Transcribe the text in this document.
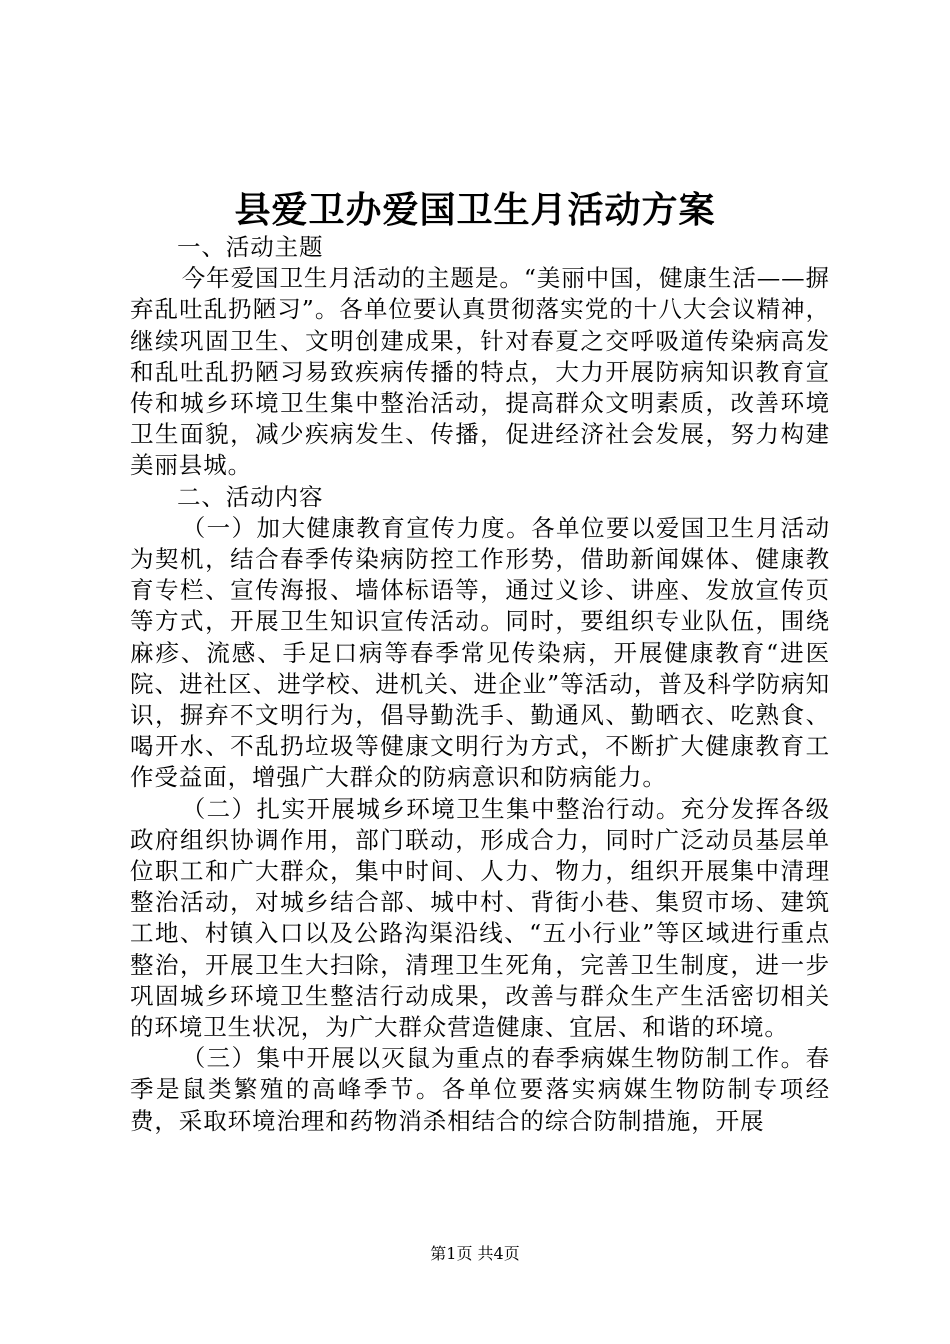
县爱卫办爱国卫生月活动方案

一、活动主题

今年爱国卫生月活动的主题是。“美丽中国，健康生活——摒弃乱吐乱扔陋习”。各单位要认真贯彻落实党的十八大会议精神，继续巩固卫生、文明创建成果，针对春夏之交呼吸道传染病高发和乱吐乱扔陋习易致疾病传播的特点，大力开展防病知识教育宣传和城乡环境卫生集中整治活动，提高群众文明素质，改善环境卫生面貌，减少疾病发生、传播，促进经济社会发展，努力构建美丽县城。

二、活动内容

（一）加大健康教育宣传力度。各单位要以爱国卫生月活动为契机，结合春季传染病防控工作形势，借助新闻媒体、健康教育专栏、宣传海报、墙体标语等，通过义诊、讲座、发放宣传页等方式，开展卫生知识宣传活动。同时，要组织专业队伍，围绕麻疹、流感、手足口病等春季常见传染病，开展健康教育“进医院、进社区、进学校、进机关、进企业”等活动，普及科学防病知识，摒弃不文明行为，倡导勤洗手、勤通风、勤晒衣、吃熟食、喝开水、不乱扔垃圾等健康文明行为方式，不断扩大健康教育工作受益面，增强广大群众的防病意识和防病能力。

（二）扎实开展城乡环境卫生集中整治行动。充分发挥各级政府组织协调作用，部门联动，形成合力，同时广泛动员基层单位职工和广大群众，集中时间、人力、物力，组织开展集中清理整治活动，对城乡结合部、城中村、背街小巷、集贸市场、建筑工地、村镇入口以及公路沟渠沿线、“五小行业”等区域进行重点整治，开展卫生大扫除，清理卫生死角，完善卫生制度，进一步巩固城乡环境卫生整洁行动成果，改善与群众生产生活密切相关的环境卫生状况，为广大群众营造健康、宜居、和谐的环境。

（三）集中开展以灭鼠为重点的春季病媒生物防制工作。春季是鼠类繁殖的高峰季节。各单位要落实病媒生物防制专项经费，采取环境治理和药物消杀相结合的综合防制措施，开展

第1页 共4页
